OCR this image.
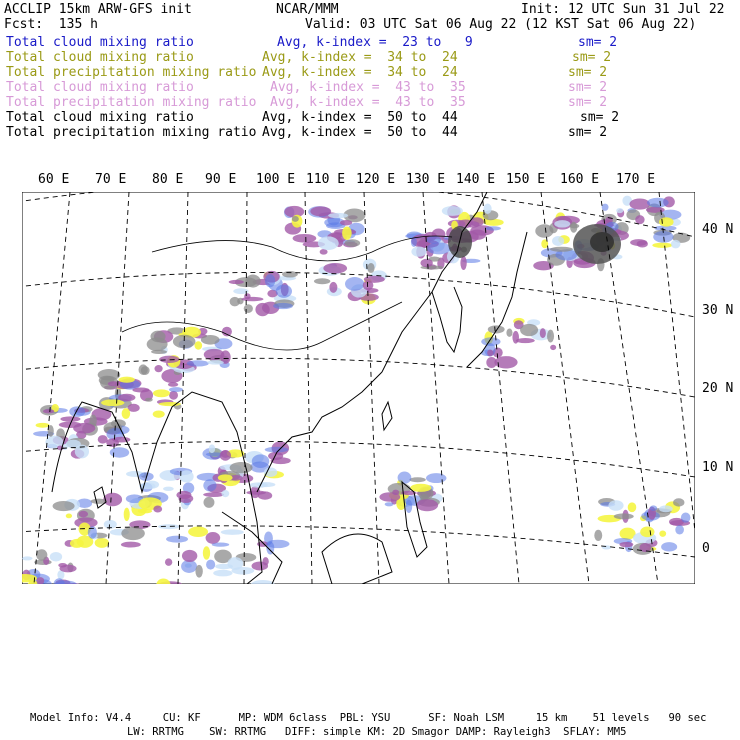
ACCLIP 15km ARW-GFS init	NCAR/MMM	Init: 12 UTC Sun 31 Jul 22
Fcst:  135 h	Valid: 03 UTC Sat 06 Aug 22 (12 KST Sat 06 Aug 22)
Total cloud mixing ratio	Avg, k-index =  23 to   9	sm= 2
Total cloud mixing ratio	Avg, k-index =  34 to  24	sm= 2
Total precipitation mixing ratio Avg, k-index =  34 to  24	sm= 2
Total cloud mixing ratio	Avg, k-index =  43 to  35	sm= 2
Total precipitation mixing ratio Avg, k-index =  43 to  35	sm= 2
Total cloud mixing ratio	Avg, k-index =  50 to  44	sm= 2
Total precipitation mixing ratio Avg, k-index =  50 to  44	sm= 2
60 E 70 E 80 E 90 E 100 E 110 E 120 E 130 E 140 E 150 E 160 E 170 E
40 N
30 N
20 N
10 N
0
Model Info: V4.4     CU: KF      MP: WDM 6class  PBL: YSU      SF: Noah LSM     15 km    51 levels   90 sec
LW: RRTMG    SW: RRTMG   DIFF: simple KM: 2D Smagor DAMP: Rayleigh3  SFLAY: MM5
